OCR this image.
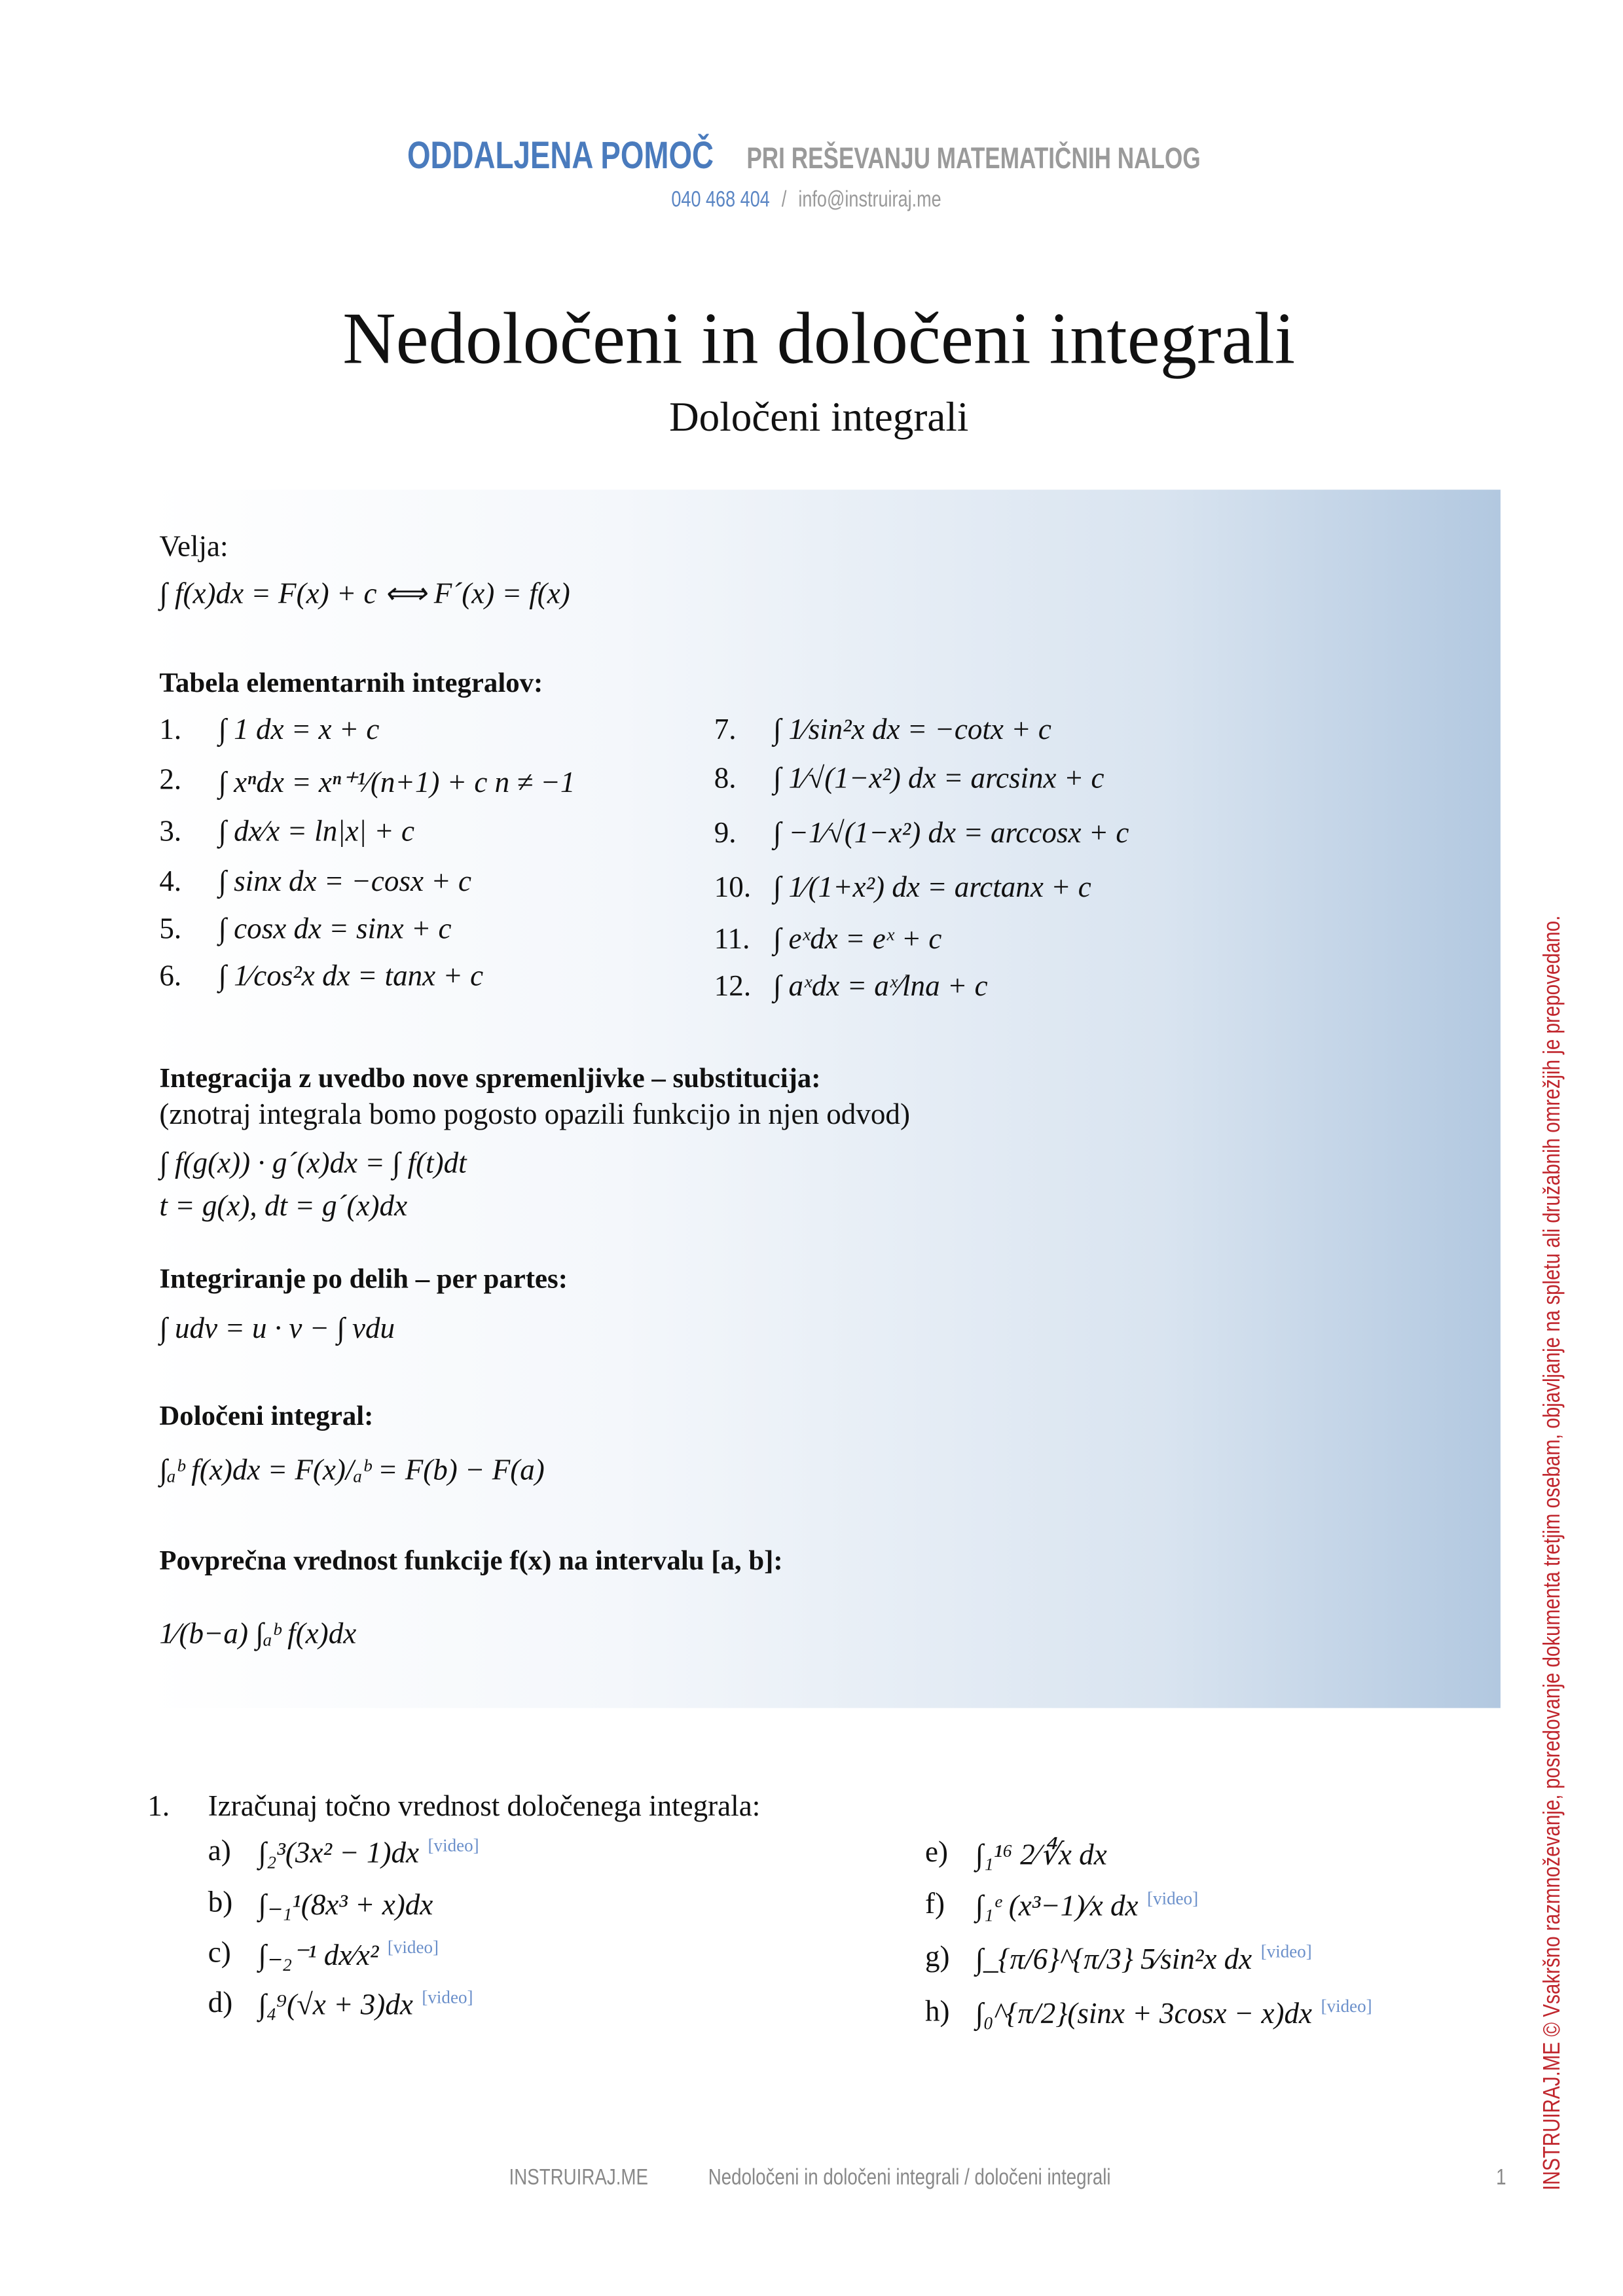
ODDALJENA POMOČ	PRI REŠEVANJU MATEMATIČNIH NALOG
040 468 404 / info@instruiraj.me
Nedoločeni in določeni integrali
Določeni integrali
Velja:
∫ f(x)dx = F(x) + c ⟺ F´(x) = f(x)
Tabela elementarnih integralov:
1.	∫ 1 dx = x + c
2.	∫ xⁿdx = xⁿ⁺¹⁄(n+1) + c n ≠ −1
3.	∫ dx⁄x = ln|x| + c
4.	∫ sinx dx = −cosx + c
5.	∫ cosx dx = sinx + c
6.	∫ 1⁄cos²x dx = tanx + c
7.	∫ 1⁄sin²x dx = −cotx + c
8.	∫ 1⁄√(1−x²) dx = arcsinx + c
9.	∫ −1⁄√(1−x²) dx = arccosx + c
10. ∫ 1⁄(1+x²) dx = arctanx + c
11. ∫ eˣdx = eˣ + c
12. ∫ aˣdx = aˣ⁄lna + c
Integracija z uvedbo nove spremenljivke – substitucija:
(znotraj integrala bomo pogosto opazili funkcijo in njen odvod)
∫ f(g(x)) · g´(x)dx = ∫ f(t)dt
t = g(x), dt = g´(x)dx
Integriranje po delih – per partes:
∫ udv = u · v − ∫ vdu
Določeni integral:
∫ₐᵇ f(x)dx = F(x)/ₐᵇ = F(b) − F(a)
Povprečna vrednost funkcije f(x) na intervalu [a, b]:
1⁄(b−a) ∫ₐᵇ f(x)dx
1.	Izračunaj točno vrednost določenega integrala:
a) ∫₂³(3x² − 1)dx [video]
b) ∫₋₁¹(8x³ + x)dx
c) ∫₋₂⁻¹ dx⁄x² [video]
d) ∫₄⁹(√x + 3)dx [video]
e) ∫₁¹⁶ 2⁄∜x dx
f) ∫₁ᵉ (x³−1)⁄x dx [video]
g) ∫_{π/6}^{π/3} 5⁄sin²x dx [video]
h) ∫₀^{π/2}(sinx + 3cosx − x)dx [video]
INSTRUIRAJ.ME	Nedoločeni in določeni integrali / določeni integrali	1	INSTRUIRAJ.ME © Vsakršno razmnoževanje, posredovanje dokumenta tretjim osebam, objavljanje na spletu ali družabnih omrežjih je prepovedano.
